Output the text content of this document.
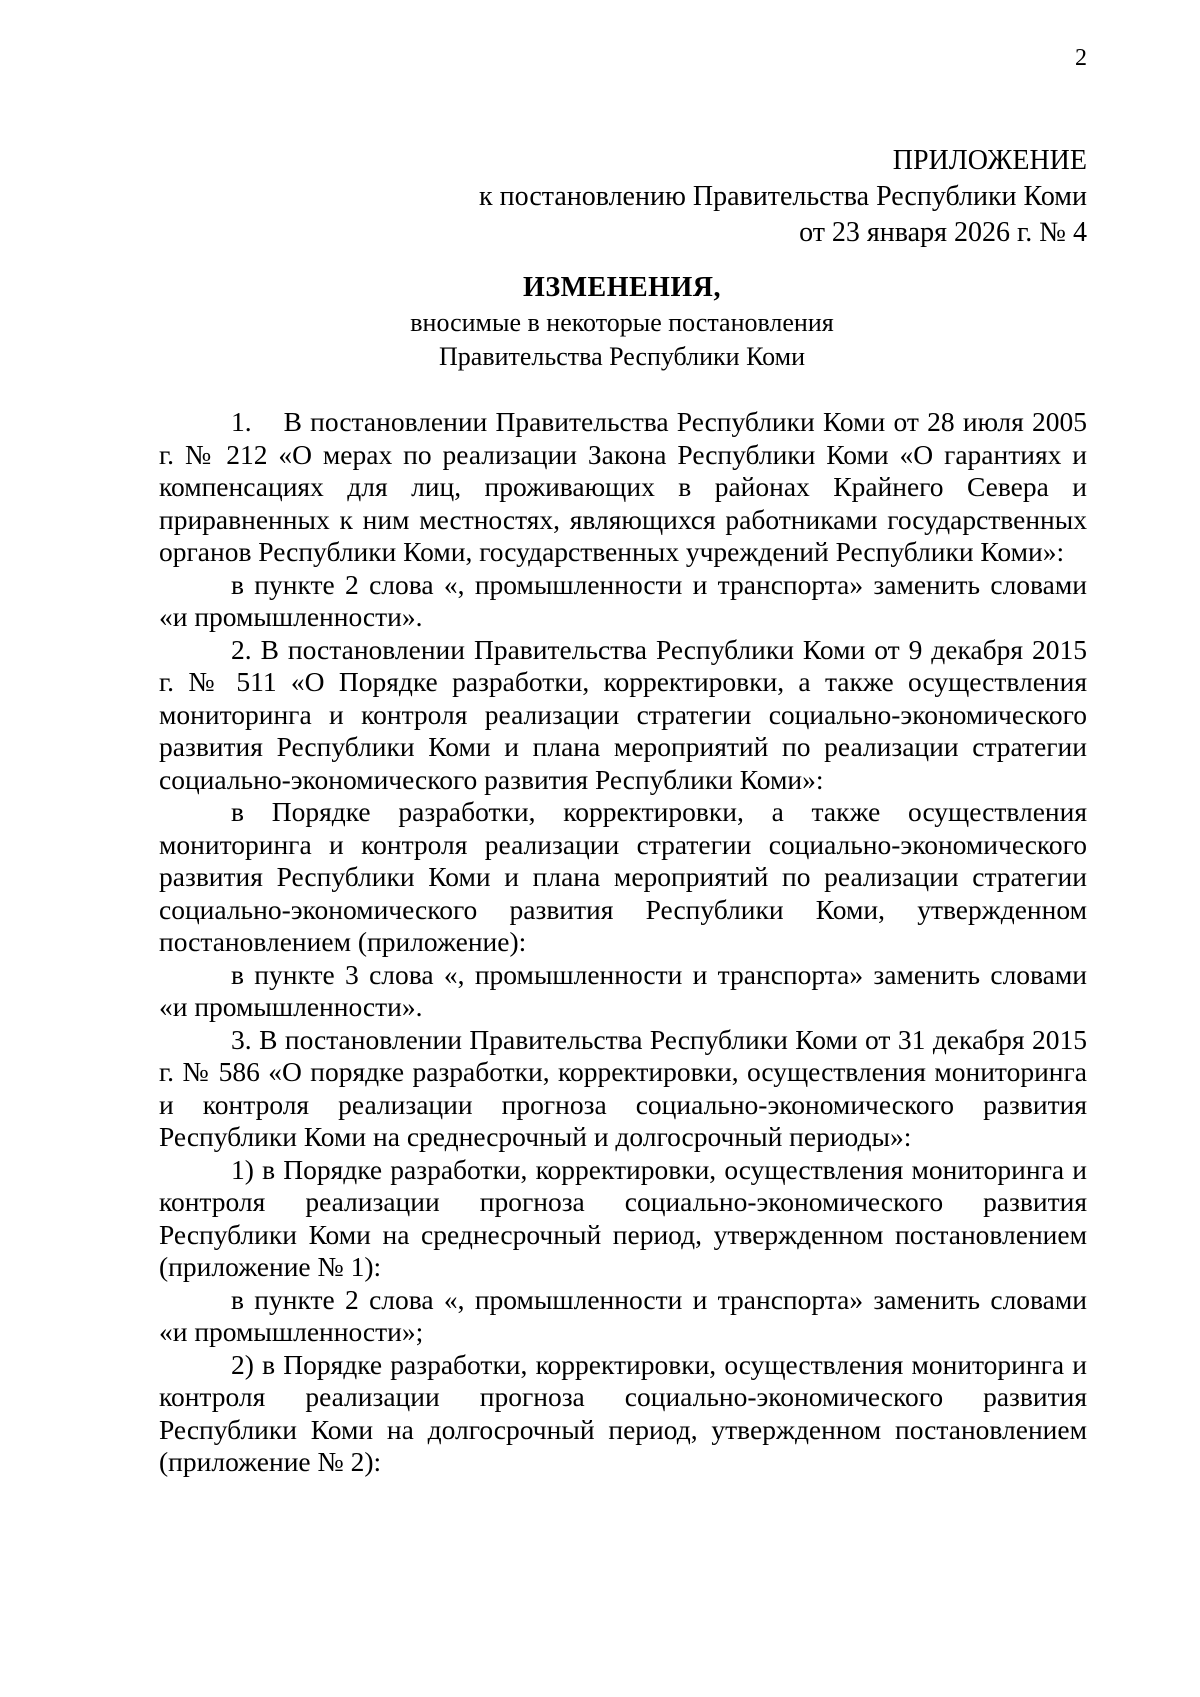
2
ПРИЛОЖЕНИЕ
к постановлению Правительства Республики Коми
от 23 января 2026 г. № 4
ИЗМЕНЕНИЯ,
вносимые в некоторые постановления
Правительства Республики Коми

1. В постановлении Правительства Республики Коми от 28 июля 2005 г. № 212 «О мерах по реализации Закона Республики Коми «О гарантиях и компенсациях для лиц, проживающих в районах Крайнего Севера и приравненных к ним местностях, являющихся работниками государственных органов Республики Коми, государственных учреждений Республики Коми»:

в пункте 2 слова «, промышленности и транспорта» заменить словами «и промышленности».

2. В постановлении Правительства Республики Коми от 9 декабря 2015 г. № 511 «О Порядке разработки, корректировки, а также осуществления мониторинга и контроля реализации стратегии социально-экономического развития Республики Коми и плана мероприятий по реализации стратегии социально-экономического развития Республики Коми»:

в Порядке разработки, корректировки, а также осуществления мониторинга и контроля реализации стратегии социально-экономического развития Республики Коми и плана мероприятий по реализации стратегии социально-экономического развития Республики Коми, утвержденном постановлением (приложение):

в пункте 3 слова «, промышленности и транспорта» заменить словами «и промышленности».

3. В постановлении Правительства Республики Коми от 31 декабря 2015 г. № 586 «О порядке разработки, корректировки, осуществления мониторинга и контроля реализации прогноза социально-экономического развития Республики Коми на среднесрочный и долгосрочный периоды»:

1) в Порядке разработки, корректировки, осуществления мониторинга и контроля реализации прогноза социально-экономического развития Республики Коми на среднесрочный период, утвержденном постановлением (приложение № 1):

в пункте 2 слова «, промышленности и транспорта» заменить словами «и промышленности»;

2) в Порядке разработки, корректировки, осуществления мониторинга и контроля реализации прогноза социально-экономического развития Республики Коми на долгосрочный период, утвержденном постановлением (приложение № 2):
